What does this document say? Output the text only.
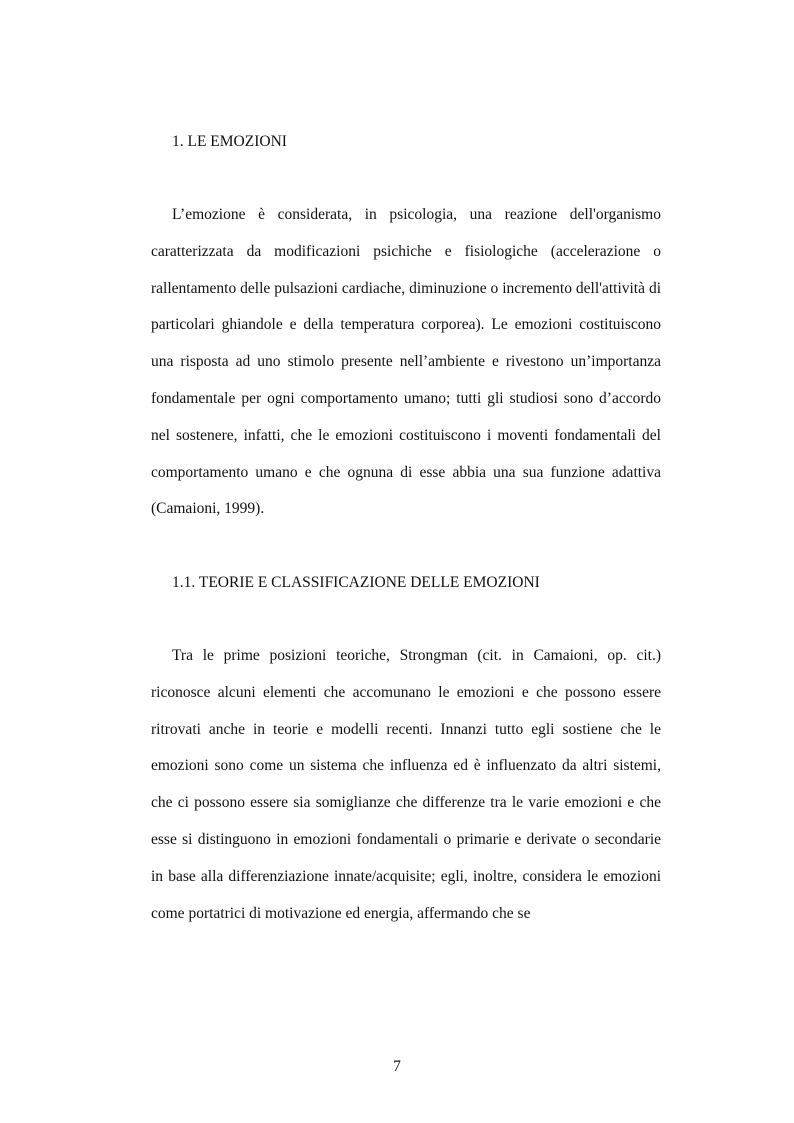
1. LE EMOZIONI

L’emozione è considerata, in psicologia, una reazione dell'organismo caratterizzata da modificazioni psichiche e fisiologiche (accelerazione o rallentamento delle pulsazioni cardiache, diminuzione o incremento dell'attività di particolari ghiandole e della temperatura corporea). Le emozioni costituiscono una risposta ad uno stimolo presente nell’ambiente e rivestono un’importanza fondamentale per ogni comportamento umano; tutti gli studiosi sono d’accordo nel sostenere, infatti, che le emozioni costituiscono i moventi fondamentali del comportamento umano e che ognuna di esse abbia una sua funzione adattiva (Camaioni, 1999).

1.1. TEORIE E CLASSIFICAZIONE DELLE EMOZIONI

Tra le prime posizioni teoriche, Strongman (cit. in Camaioni, op. cit.) riconosce alcuni elementi che accomunano le emozioni e che possono essere ritrovati anche in teorie e modelli recenti. Innanzi tutto egli sostiene che le emozioni sono come un sistema che influenza ed è influenzato da altri sistemi, che ci possono essere sia somiglianze che differenze tra le varie emozioni e che esse si distinguono in emozioni fondamentali o primarie e derivate o secondarie in base alla differenziazione innate/acquisite; egli, inoltre, considera le emozioni come portatrici di motivazione ed energia, affermando che se

7
